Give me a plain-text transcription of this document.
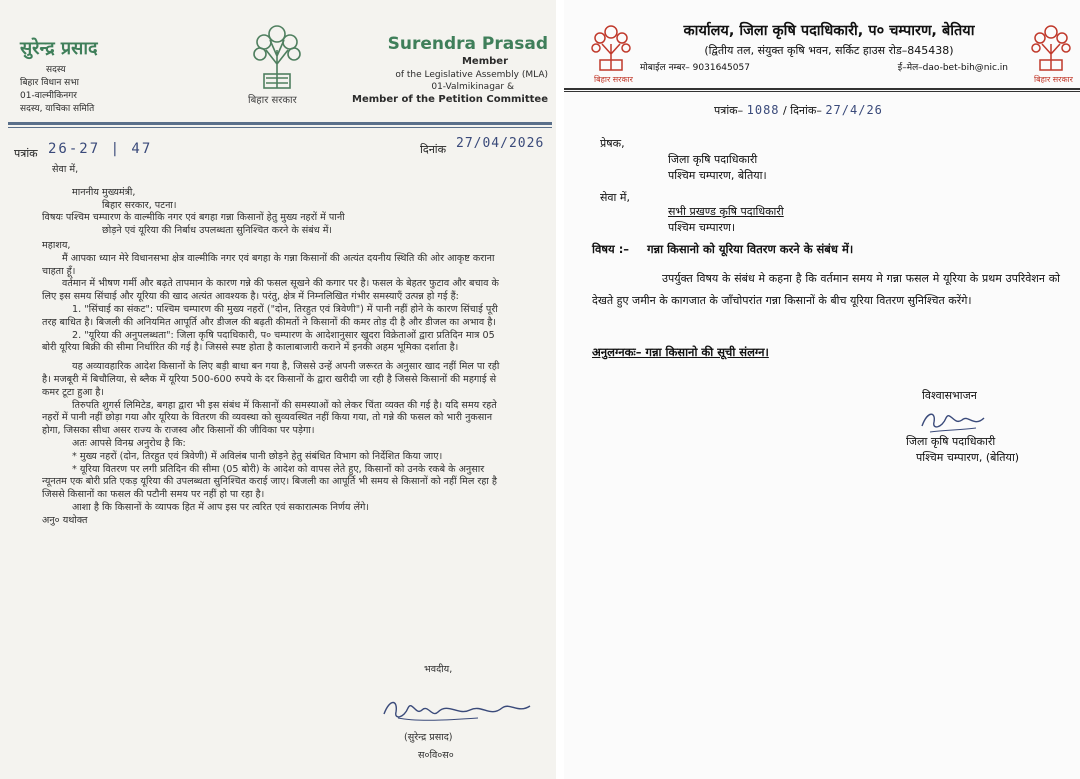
सुरेन्द्र प्रसाद
सदस्य
बिहार विधान सभा
01-वाल्मीकिनगर
सदस्य, याचिका समिति
बिहार सरकार
Surendra Prasad
Member
of the Legislative Assembly (MLA)
01-Valmikinagar &
Member of the Petition Committee
पत्रांक 26-27 | 47	दिनांक 27/04/2026

सेवा में,

माननीय मुख्यमंत्री,

बिहार सरकार, पटना।

विषयः पश्चिम चम्पारण के वाल्मीकि नगर एवं बगहा गन्ना किसानों हेतु मुख्य नहरों में पानी

छोड़ने एवं यूरिया की निर्बाध उपलब्धता सुनिश्चित करने के संबंध में।

महाशय,

मैं आपका ध्यान मेरे विधानसभा क्षेत्र वाल्मीकि नगर एवं बगहा के गन्ना किसानों की अत्यंत दयनीय स्थिति की ओर आकृष्ट कराना चाहता हूँ।

वर्तमान में भीषण गर्मी और बढ़ते तापमान के कारण गन्ने की फसल सूखने की कगार पर है। फसल के बेहतर फुटाव और बचाव के लिए इस समय सिंचाई और यूरिया की खाद अत्यंत आवश्यक है। परंतु, क्षेत्र में निम्नलिखित गंभीर समस्याएँ उत्पन्न हो गई हैं:

1. "सिंचाई का संकट": पश्चिम चम्पारण की मुख्य नहरों ("दोन, तिरहुत एवं त्रिवेणी") में पानी नहीं होने के कारण सिंचाई पूरी तरह बाधित है। बिजली की अनियमित आपूर्ति और डीजल की बढ़ती कीमतों ने किसानों की कमर तोड़ दी है और डीजल का अभाव है।

2. "यूरिया की अनुपलब्धता": जिला कृषि पदाधिकारी, प० चम्पारण के आदेशानुसार खुदरा विक्रेताओं द्वारा प्रतिदिन मात्र 05 बोरी यूरिया बिक्री की सीमा निर्धारित की गई है। जिससे स्पष्ट होता है कालाबाजारी कराने में इनकी अहम भूमिका दर्शाता है।

यह अव्यावहारिक आदेश किसानों के लिए बड़ी बाधा बन गया है, जिससे उन्हें अपनी जरूरत के अनुसार खाद नहीं मिल पा रही है। मजबूरी में बिचौलिया, से ब्लैक में यूरिया 500-600 रुपये के दर किसानों के द्वारा खरीदी जा रही है जिससे किसानों की महगाई से कमर टूटा हुआ है।

तिरुपति शुगर्स लिमिटेड, बगहा द्वारा भी इस संबंध में किसानों की समस्याओं को लेकर चिंता व्यक्त की गई है। यदि समय रहते नहरों में पानी नहीं छोड़ा गया और यूरिया के वितरण की व्यवस्था को सुव्यवस्थित नहीं किया गया, तो गन्ने की फसल को भारी नुकसान होगा, जिसका सीधा असर राज्य के राजस्व और किसानों की जीविका पर पड़ेगा।

अतः आपसे विनम्र अनुरोध है कि:

* मुख्य नहरों (दोन, तिरहुत एवं त्रिवेणी) में अविलंब पानी छोड़ने हेतु संबंधित विभाग को निर्देशित किया जाए।

* यूरिया वितरण पर लगी प्रतिदिन की सीमा (05 बोरी) के आदेश को वापस लेते हुए, किसानों को उनके रकबे के अनुसार न्यूनतम एक बोरी प्रति एकड़ यूरिया की उपलब्धता सुनिश्चित कराई जाए। बिजली का आपूर्ति भी समय से किसानों को नहीं मिल रहा है जिससे किसानों का फसल की पटौनी समय पर नहीं हो पा रहा है।

आशा है कि किसानों के व्यापक हित में आप इस पर त्वरित एवं सकारात्मक निर्णय लेंगे।

अनु० यथोक्त

भवदीय,
(सुरेन्द्र प्रसाद)
स०वि०स०
बिहार सरकार	बिहार सरकार
कार्यालय, जिला कृषि पदाधिकारी, प० चम्पारण, बेतिया
(द्वितीय तल, संयुक्त कृषि भवन, सर्किट हाउस रोड–845438)
मोबाईल नम्बर– 9031645057	ई–मेल–dao-bet-bih@nic.in
पत्रांक– 1088 / दिनांक– 27/4/26
प्रेषक,
जिला कृषि पदाधिकारी
पश्चिम चम्पारण, बेतिया।
सेवा में,
सभी प्रखण्ड कृषि पदाधिकारी
पश्चिम चम्पारण।
विषय :– गन्ना किसानो को यूरिया वितरण करने के संबंध में।
उपर्युक्त विषय के संबंध मे कहना है कि वर्तमान समय मे गन्ना फसल मे यूरिया के प्रथम उपरिवेशन को देखते हुए जमीन के कागजात के जाँचोपरांत गन्ना किसानों के बीच यूरिया वितरण सुनिश्चित करेंगे।
अनुलग्नकः– गन्ना किसानो की सूची संलग्न।
विश्वासभाजन
जिला कृषि पदाधिकारी
पश्चिम चम्पारण, (बेतिया)
